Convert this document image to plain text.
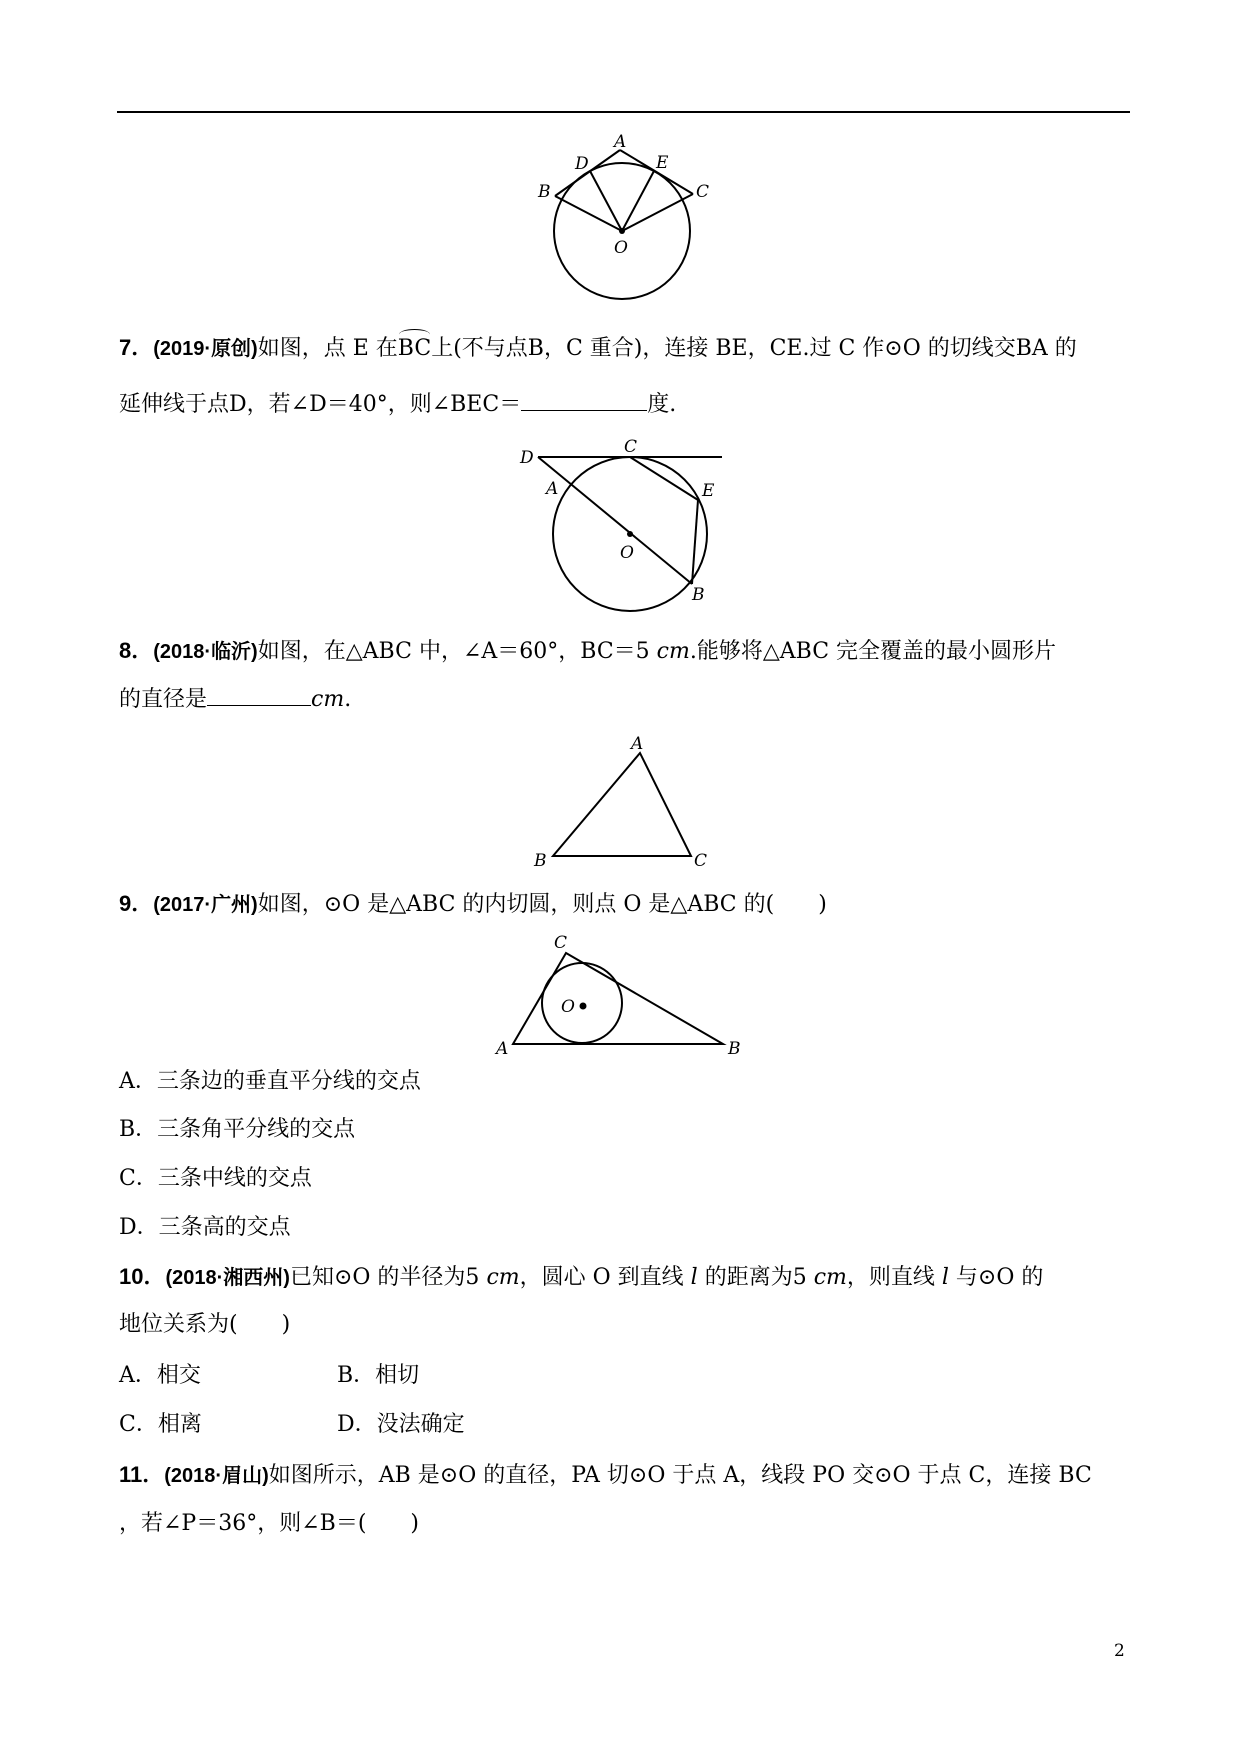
A
D	E
B	C
O
7．(2019·原创)如图，点 E 在BC上(不与点B，C 重合)，连接 BE，CE.过 C 作⊙O 的切线交BA 的
延伸线于点D，若∠D＝40°，则∠BEC＝	度.
D
C
A	E
O
B
8．(2018·临沂)如图，在△ABC 中，∠A＝60°，BC＝5 cm.能够将△ABC 完全覆盖的最小圆形片
的直径是	cm.
A
B	C
9．(2017·广州)如图，⊙O 是△ABC 的内切圆，则点 O 是△ABC 的(　　)
C
O
A	B
A．三条边的垂直平分线的交点
B．三条角平分线的交点
C．三条中线的交点
D．三条高的交点
10．(2018·湘西州)已知⊙O 的半径为5 cm，圆心 O 到直线 l 的距离为5 cm，则直线 l 与⊙O 的
地位关系为(　　)
A．相交	B．相切
C．相离	D．没法确定
11．(2018·眉山)如图所示，AB 是⊙O 的直径，PA 切⊙O 于点 A，线段 PO 交⊙O 于点 C，连接 BC
，若∠P＝36°，则∠B＝(　　)
2
